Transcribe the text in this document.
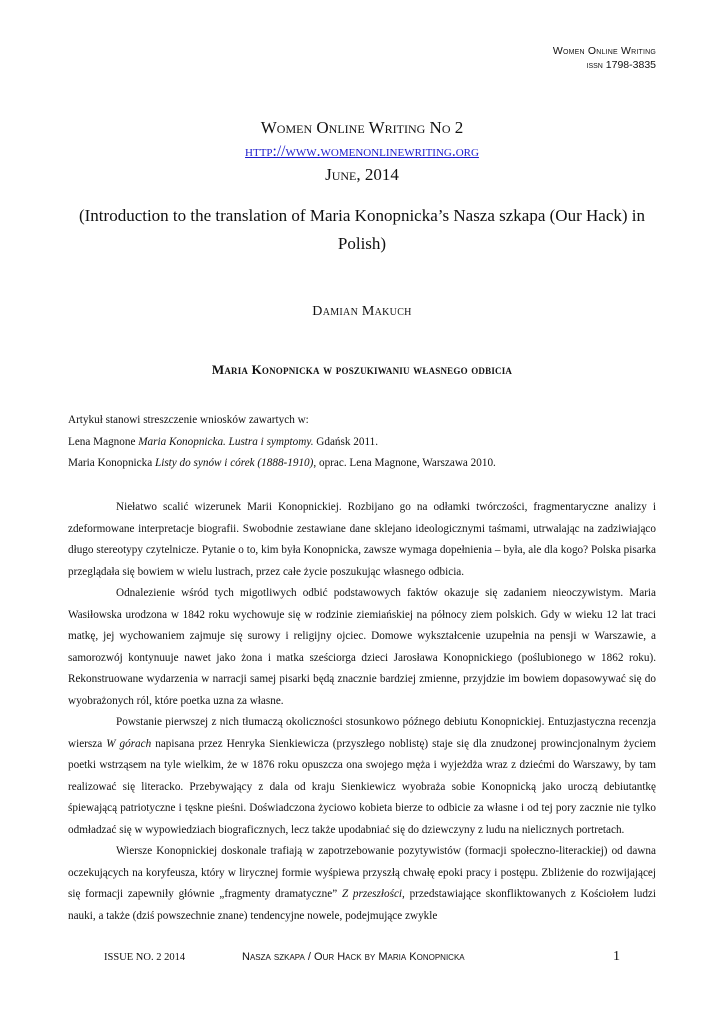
Women Online Writing
issn 1798-3835
Women Online Writing No 2
http://www.womenonlinewriting.org
June, 2014
(Introduction to the translation of Maria Konopnicka’s Nasza szkapa (Our Hack) in Polish)
Damian Makuch
Maria Konopnicka w poszukiwaniu własnego odbicia

Artykuł stanowi streszczenie wniosków zawartych w:

Lena Magnone Maria Konopnicka. Lustra i symptomy. Gdańsk 2011.

Maria Konopnicka Listy do synów i córek (1888-1910), oprac. Lena Magnone, Warszawa 2010.

Niełatwo scalić wizerunek Marii Konopnickiej. Rozbijano go na odłamki twórczości, fragmentaryczne analizy i zdeformowane interpretacje biografii. Swobodnie zestawiane dane sklejano ideologicznymi taśmami, utrwalając na zadziwiająco długo stereotypy czytelnicze. Pytanie o to, kim była Konopnicka, zawsze wymaga dopełnienia – była, ale dla kogo? Polska pisarka przeglądała się bowiem w wielu lustrach, przez całe życie poszukując własnego odbicia.

Odnalezienie wśród tych migotliwych odbić podstawowych faktów okazuje się zadaniem nieoczywistym. Maria Wasiłowska urodzona w 1842 roku wychowuje się w rodzinie ziemiańskiej na północy ziem polskich. Gdy w wieku 12 lat traci matkę, jej wychowaniem zajmuje się surowy i religijny ojciec. Domowe wykształcenie uzupełnia na pensji w Warszawie, a samorozwój kontynuuje nawet jako żona i matka sześciorga dzieci Jarosława Konopnickiego (poślubionego w 1862 roku). Rekonstruowane wydarzenia w narracji samej pisarki będą znacznie bardziej zmienne, przyjdzie im bowiem dopasowywać się do wyobrażonych ról, które poetka uzna za własne.

Powstanie pierwszej z nich tłumaczą okoliczności stosunkowo późnego debiutu Konopnickiej. Entuzjastyczna recenzja wiersza W górach napisana przez Henryka Sienkiewicza (przyszłego noblistę) staje się dla znudzonej prowincjonalnym życiem poetki wstrząsem na tyle wielkim, że w 1876 roku opuszcza ona swojego męża i wyjeżdża wraz z dziećmi do Warszawy, by tam realizować się literacko. Przebywający z dala od kraju Sienkiewicz wyobraża sobie Konopnicką jako uroczą debiutantkę śpiewającą patriotyczne i tęskne pieśni. Doświadczona życiowo kobieta bierze to odbicie za własne i od tej pory zacznie nie tylko odmładzać się w wypowiedziach biograficznych, lecz także upodabniać się do dziewczyny z ludu na nielicznych portretach.

Wiersze Konopnickiej doskonale trafiają w zapotrzebowanie pozytywistów (formacji społeczno-literackiej) od dawna oczekujących na koryfeusza, który w lirycznej formie wyśpiewa przyszłą chwałę epoki pracy i postępu. Zbliżenie do rozwijającej się formacji zapewniły głównie „fragmenty dramatyczne” Z przeszłości, przedstawiające skonfliktowanych z Kościołem ludzi nauki, a także (dziś powszechnie znane) tendencyjne nowele, podejmujące zwykle

ISSUE NO. 2 2014	Nasza szkapa / Our Hack by Maria Konopnicka	1
